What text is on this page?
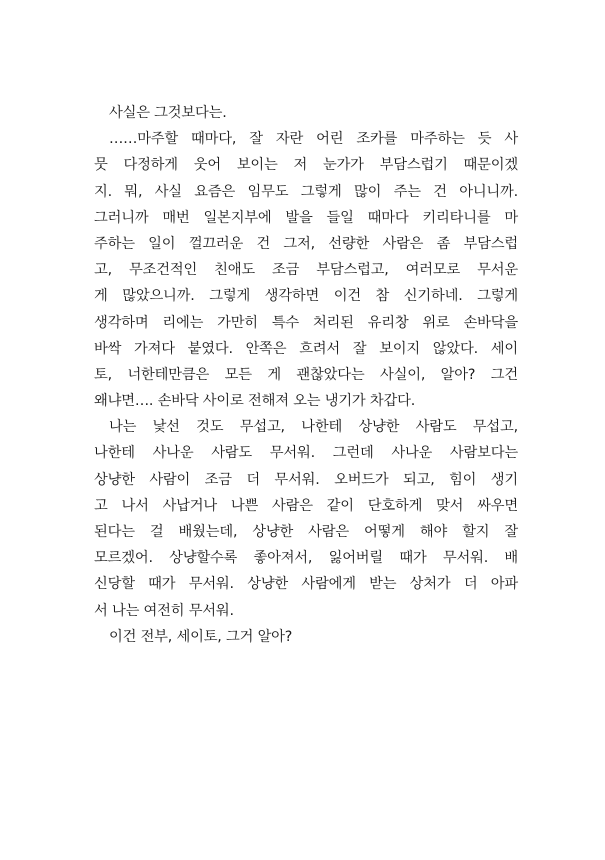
사실은 그것보다는.
……마주할 때마다, 잘 자란 어린 조카를 마주하는 듯 사
뭇 다정하게 웃어 보이는 저 눈가가 부담스럽기 때문이겠
지. 뭐, 사실 요즘은 임무도 그렇게 많이 주는 건 아니니까.
그러니까 매번 일본지부에 발을 들일 때마다 키리타니를 마
주하는 일이 껄끄러운 건 그저, 선량한 사람은 좀 부담스럽
고, 무조건적인 친애도 조금 부담스럽고, 여러모로 무서운
게 많았으니까. 그렇게 생각하면 이건 참 신기하네. 그렇게
생각하며 리에는 가만히 특수 처리된 유리창 위로 손바닥을
바싹 가져다 붙였다. 안쪽은 흐려서 잘 보이지 않았다. 세이
토, 너한테만큼은 모든 게 괜찮았다는 사실이, 알아? 그건
왜냐면…. 손바닥 사이로 전해져 오는 냉기가 차갑다.
나는 낯선 것도 무섭고, 나한테 상냥한 사람도 무섭고,
나한테 사나운 사람도 무서워. 그런데 사나운 사람보다는
상냥한 사람이 조금 더 무서워. 오버드가 되고, 힘이 생기
고 나서 사납거나 나쁜 사람은 같이 단호하게 맞서 싸우면
된다는 걸 배웠는데, 상냥한 사람은 어떻게 해야 할지 잘
모르겠어. 상냥할수록 좋아져서, 잃어버릴 때가 무서워. 배
신당할 때가 무서워. 상냥한 사람에게 받는 상처가 더 아파
서 나는 여전히 무서워.
이건 전부, 세이토, 그거 알아?
